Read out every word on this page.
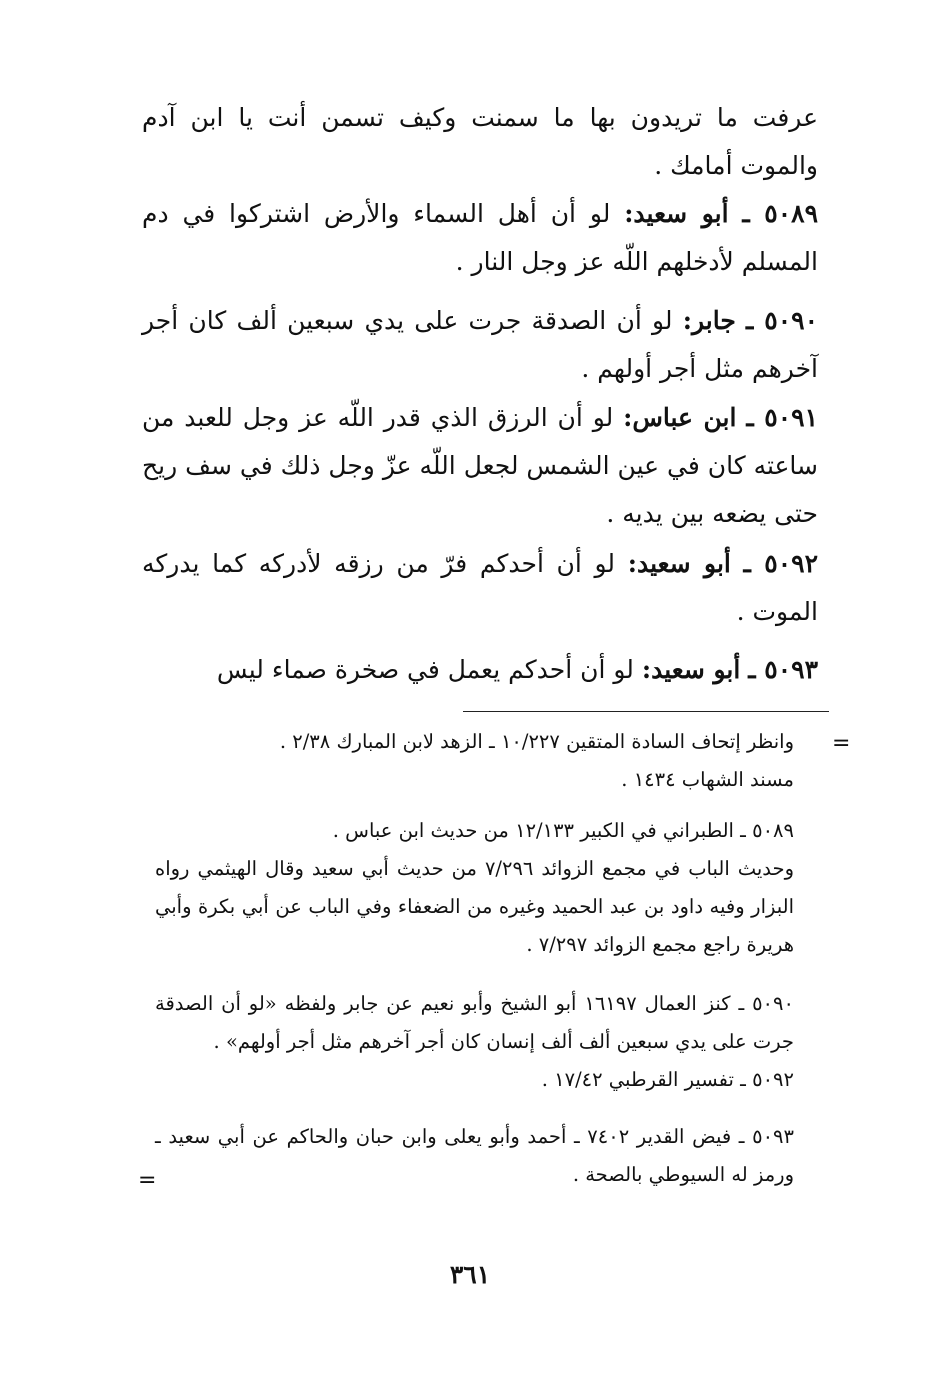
عرفت ما تريدون بها ما سمنت وكيف تسمن أنت يا ابن آدم والموت أمامك .

٥٠٨٩ ـ أبو سعيد: لو أن أهل السماء والأرض اشتركوا في دم المسلم لأدخلهم اللّه عز وجل النار .

٥٠٩٠ ـ جابر: لو أن الصدقة جرت على يدي سبعين ألف كان أجر آخرهم مثل أجر أولهم .

٥٠٩١ ـ ابن عباس: لو أن الرزق الذي قدر اللّه عز وجل للعبد من ساعته كان في عين الشمس لجعل اللّه عزّ وجل ذلك في سف ريح حتى يضعه بين يديه .

٥٠٩٢ ـ أبو سعيد: لو أن أحدكم فرّ من رزقه لأدركه كما يدركه الموت .

٥٠٩٣ ـ أبو سعيد: لو أن أحدكم يعمل في صخرة صماء ليس

=

وانظر إتحاف السادة المتقين ١٠/٢٢٧ ـ الزهد لابن المبارك ٢/٣٨ .

مسند الشهاب ١٤٣٤ .

٥٠٨٩ ـ الطبراني في الكبير ١٢/١٣٣ من حديث ابن عباس .

وحديث الباب في مجمع الزوائد ٧/٢٩٦ من حديث أبي سعيد وقال الهيثمي رواه البزار وفيه داود بن عبد الحميد وغيره من الضعفاء وفي الباب عن أبي بكرة وأبي هريرة راجع مجمع الزوائد ٧/٢٩٧ .

٥٠٩٠ ـ كنز العمال ١٦١٩٧ أبو الشيخ وأبو نعيم عن جابر ولفظه «لو أن الصدقة جرت على يدي سبعين ألف ألف إنسان كان أجر آخرهم مثل أجر أولهم» .

٥٠٩٢ ـ تفسير القرطبي ١٧/٤٢ .

٥٠٩٣ ـ فيض القدير ٧٤٠٢ ـ أحمد وأبو يعلى وابن حبان والحاكم عن أبي سعيد ـ ورمز له السيوطي بالصحة .

=
٣٦١
